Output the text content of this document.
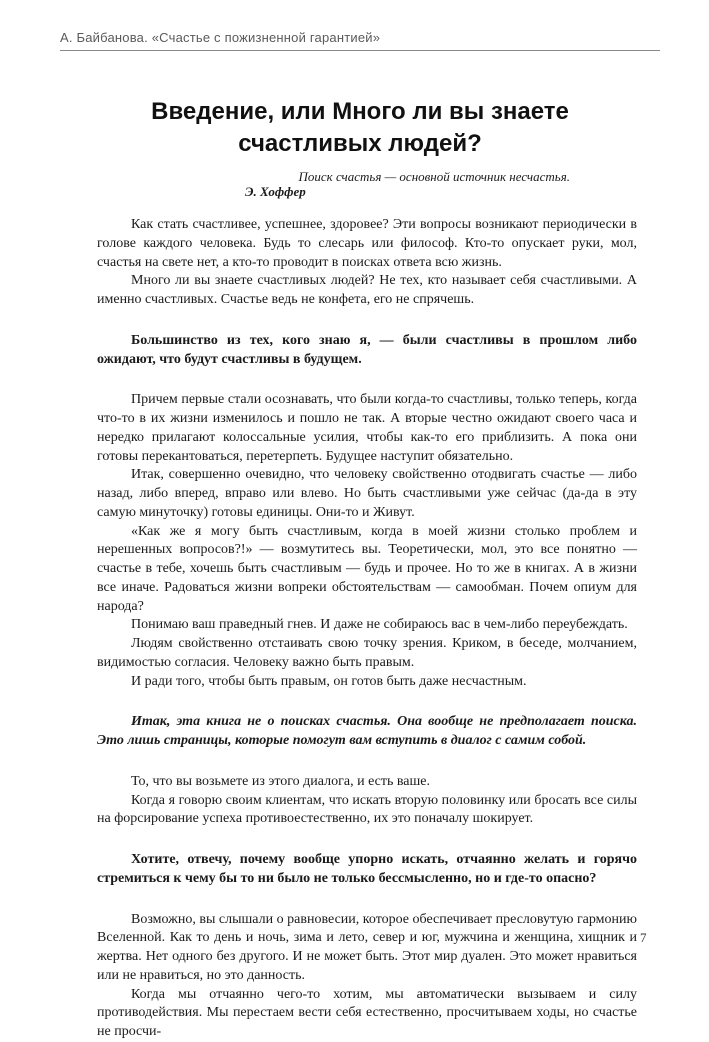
А. Байбанова. «Счастье с пожизненной гарантией»
Введение, или Много ли вы знаете счастливых людей?
Поиск счастья — основной источник несчастья.
Э. Хоффер

Как стать счастливее, успешнее, здоровее? Эти вопросы возникают периодически в голове каждого человека. Будь то слесарь или философ. Кто-то опускает руки, мол, счастья на свете нет, а кто-то проводит в поисках ответа всю жизнь.

Много ли вы знаете счастливых людей? Не тех, кто называет себя счастливыми. А именно счастливых. Счастье ведь не конфета, его не спрячешь.

Большинство из тех, кого знаю я, — были счастливы в прошлом либо ожидают, что будут счастливы в будущем.

Причем первые стали осознавать, что были когда-то счастливы, только теперь, когда что-то в их жизни изменилось и пошло не так. А вторые честно ожидают своего часа и нередко прилагают колоссальные усилия, чтобы как-то его приблизить. А пока они готовы перекантоваться, перетерпеть. Будущее наступит обязательно.

Итак, совершенно очевидно, что человеку свойственно отодвигать счастье — либо назад, либо вперед, вправо или влево. Но быть счастливыми уже сейчас (да-да в эту самую минуточку) готовы единицы. Они-то и Живут.

«Как же я могу быть счастливым, когда в моей жизни столько проблем и нерешенных вопросов?!» — возмутитесь вы. Теоретически, мол, это все понятно — счастье в тебе, хочешь быть счастливым — будь и прочее. Но то же в книгах. А в жизни все иначе. Радоваться жизни вопреки обстоятельствам — самообман. Почем опиум для народа?

Понимаю ваш праведный гнев. И даже не собираюсь вас в чем-либо переубеждать.

Людям свойственно отстаивать свою точку зрения. Криком, в беседе, молчанием, видимостью согласия. Человеку важно быть правым.

И ради того, чтобы быть правым, он готов быть даже несчастным.

Итак, эта книга не о поисках счастья. Она вообще не предполагает поиска. Это лишь страницы, которые помогут вам вступить в диалог с самим собой.

То, что вы возьмете из этого диалога, и есть ваше.

Когда я говорю своим клиентам, что искать вторую половинку или бросать все силы на форсирование успеха противоестественно, их это поначалу шокирует.

Хотите, отвечу, почему вообще упорно искать, отчаянно желать и горячо стремиться к чему бы то ни было не только бессмысленно, но и где-то опасно?

Возможно, вы слышали о равновесии, которое обеспечивает пресловутую гармонию Вселенной. Как то день и ночь, зима и лето, север и юг, мужчина и женщина, хищник и жертва. Нет одного без другого. И не может быть. Этот мир дуален. Это может нравиться или не нравиться, но это данность.

Когда мы отчаянно чего-то хотим, мы автоматически вызываем и силу противодействия. Мы перестаем вести себя естественно, просчитываем ходы, но счастье не просчи-

7
